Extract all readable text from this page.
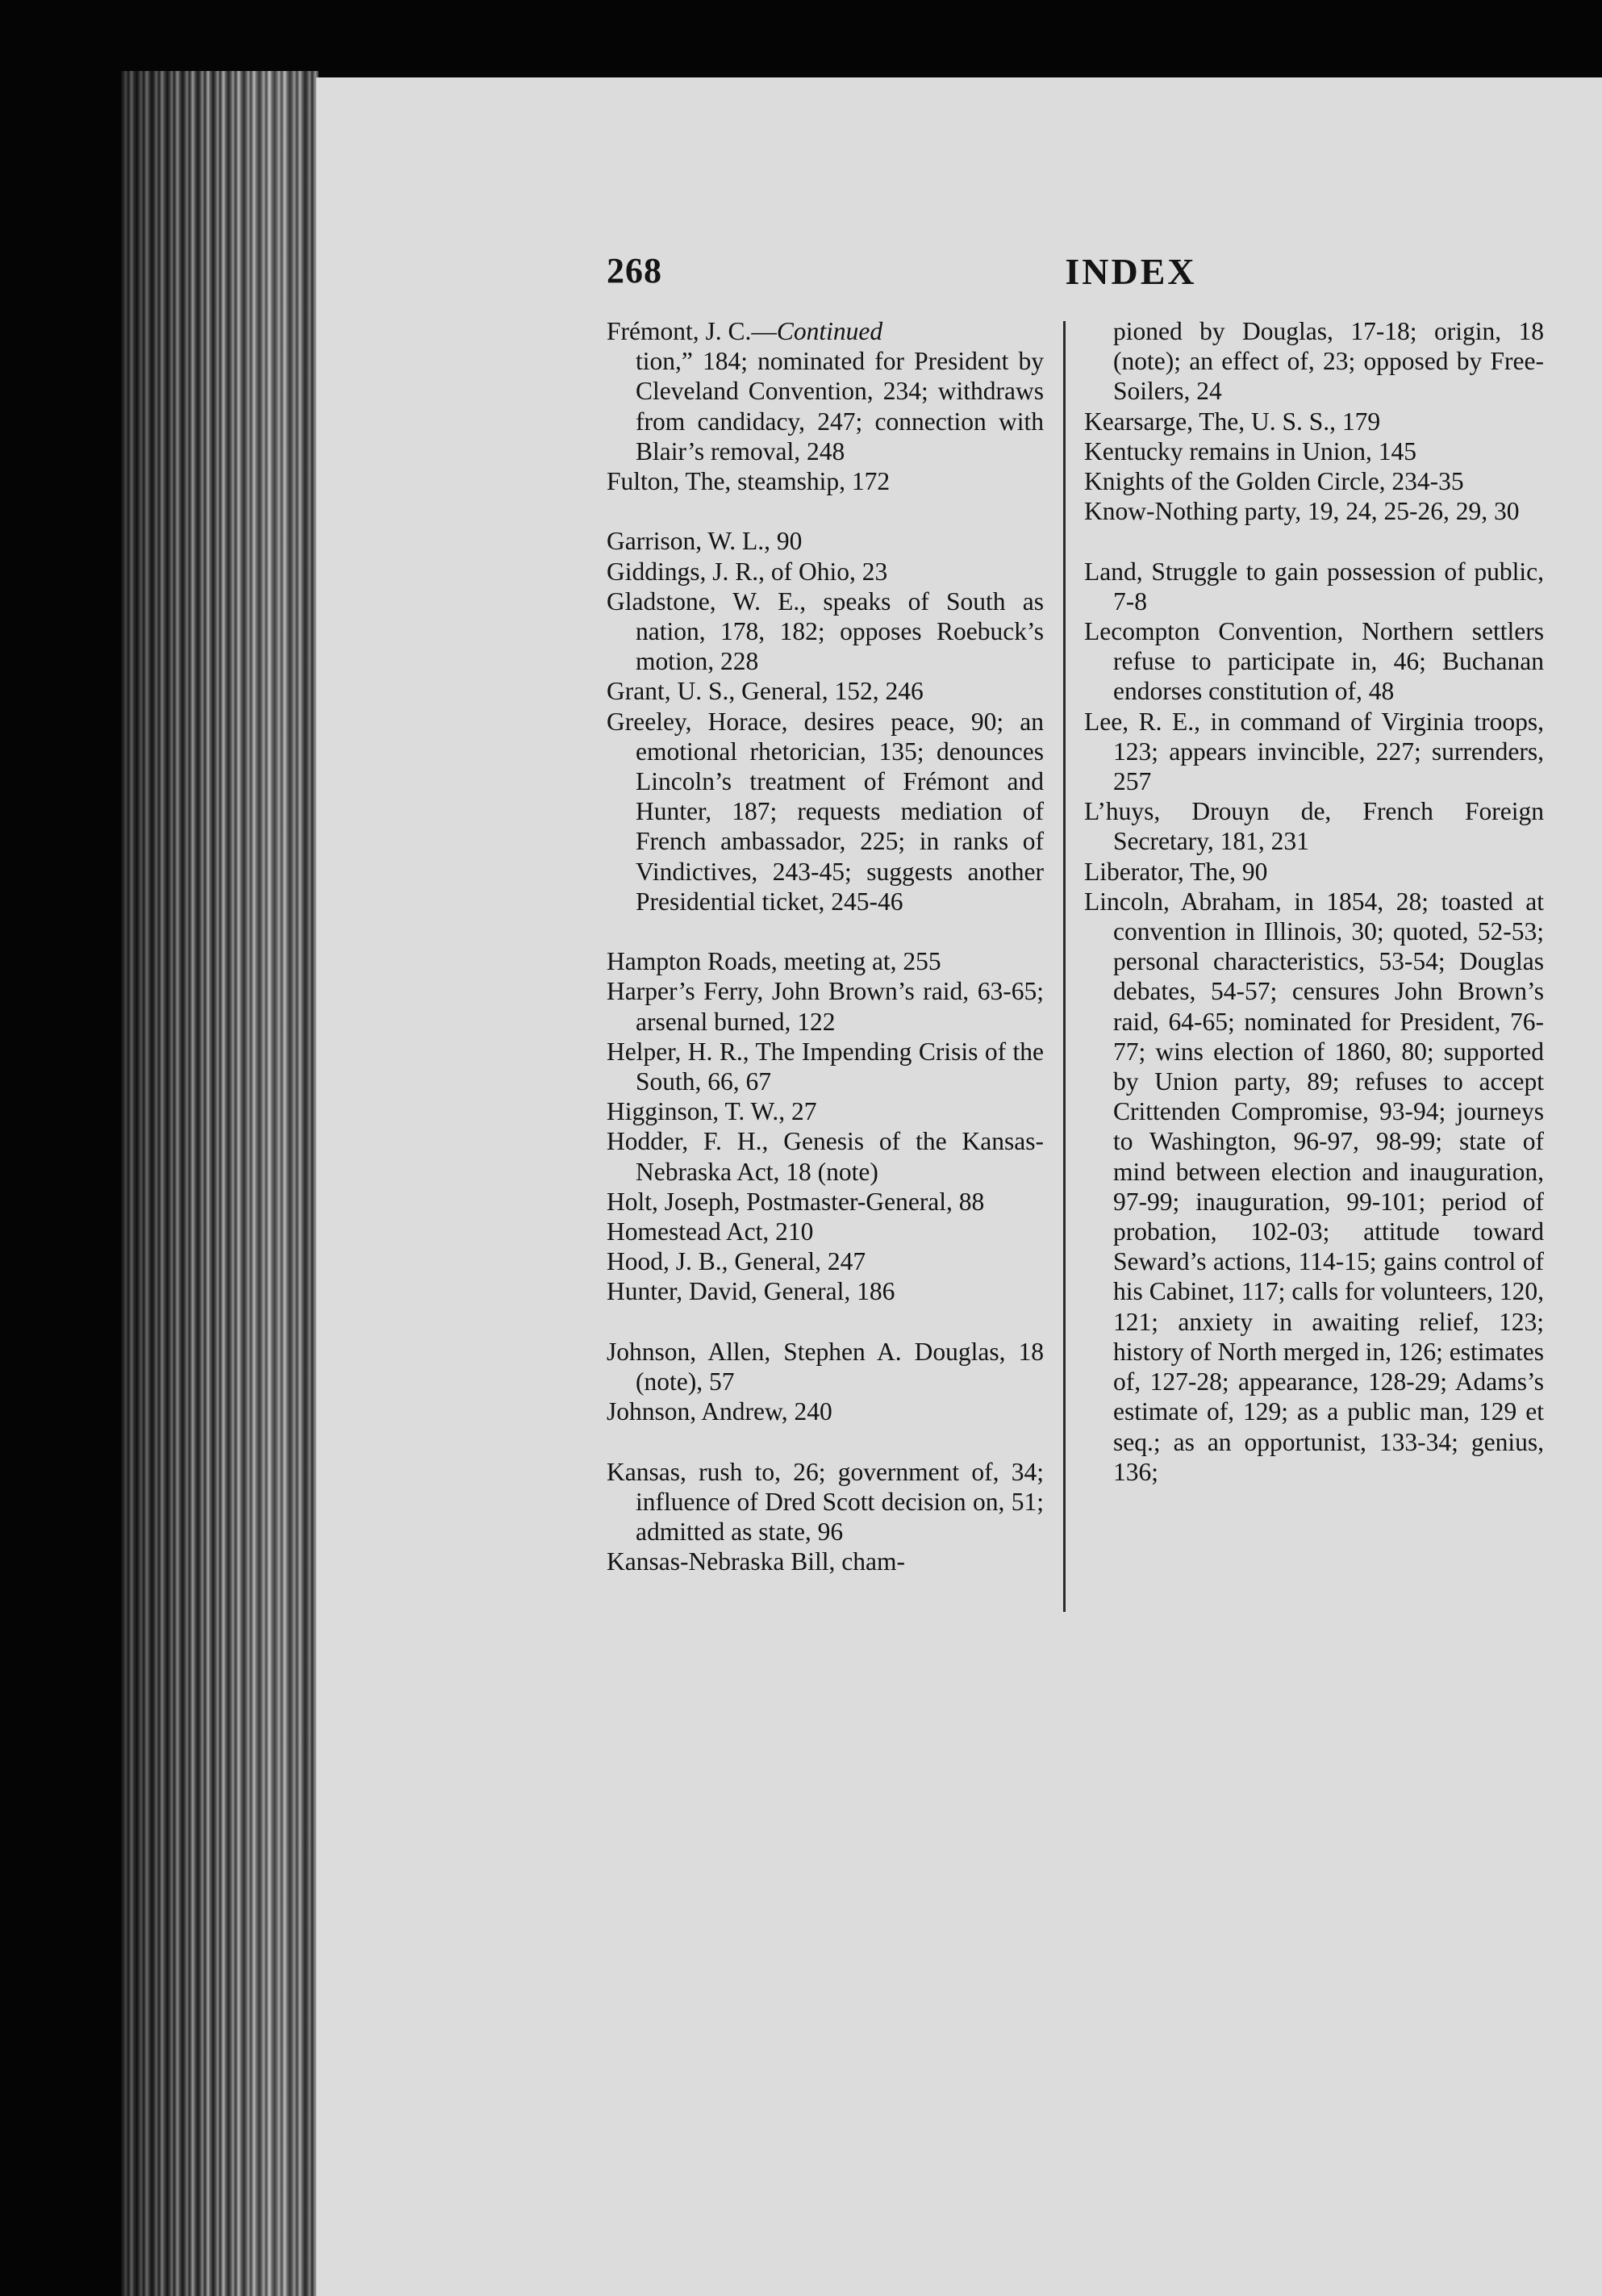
268	INDEX

Frémont, J. C.—Continued

tion,” 184; nominated for President by Cleveland Convention, 234; withdraws from candidacy, 247; connection with Blair’s removal, 248

Fulton, The, steamship, 172

Garrison, W. L., 90

Giddings, J. R., of Ohio, 23

Gladstone, W. E., speaks of South as nation, 178, 182; opposes Roebuck’s motion, 228

Grant, U. S., General, 152, 246

Greeley, Horace, desires peace, 90; an emotional rhetorician, 135; denounces Lincoln’s treatment of Frémont and Hunter, 187; requests mediation of French ambassador, 225; in ranks of Vindictives, 243-45; suggests another Presidential ticket, 245-46

Hampton Roads, meeting at, 255

Harper’s Ferry, John Brown’s raid, 63-65; arsenal burned, 122

Helper, H. R., The Impending Crisis of the South, 66, 67

Higginson, T. W., 27

Hodder, F. H., Genesis of the Kansas-Nebraska Act, 18 (note)

Holt, Joseph, Postmaster-General, 88

Homestead Act, 210

Hood, J. B., General, 247

Hunter, David, General, 186

Johnson, Allen, Stephen A. Douglas, 18 (note), 57

Johnson, Andrew, 240

Kansas, rush to, 26; government of, 34; influence of Dred Scott decision on, 51; admitted as state, 96

Kansas-Nebraska Bill, cham-

pioned by Douglas, 17-18; origin, 18 (note); an effect of, 23; opposed by Free-Soilers, 24

Kearsarge, The, U. S. S., 179

Kentucky remains in Union, 145

Knights of the Golden Circle, 234-35

Know-Nothing party, 19, 24, 25-26, 29, 30

Land, Struggle to gain possession of public, 7-8

Lecompton Convention, Northern settlers refuse to participate in, 46; Buchanan endorses constitution of, 48

Lee, R. E., in command of Virginia troops, 123; appears invincible, 227; surrenders, 257

L’huys, Drouyn de, French Foreign Secretary, 181, 231

Liberator, The, 90

Lincoln, Abraham, in 1854, 28; toasted at convention in Illinois, 30; quoted, 52-53; personal characteristics, 53-54; Douglas debates, 54-57; censures John Brown’s raid, 64-65; nominated for President, 76-77; wins election of 1860, 80; supported by Union party, 89; refuses to accept Crittenden Compromise, 93-94; journeys to Washington, 96-97, 98-99; state of mind between election and inauguration, 97-99; inauguration, 99-101; period of probation, 102-03; attitude toward Seward’s actions, 114-15; gains control of his Cabinet, 117; calls for volunteers, 120, 121; anxiety in awaiting relief, 123; history of North merged in, 126; estimates of, 127-28; appearance, 128-29; Adams’s estimate of, 129; as a public man, 129 et seq.; as an opportunist, 133-34; genius, 136;
